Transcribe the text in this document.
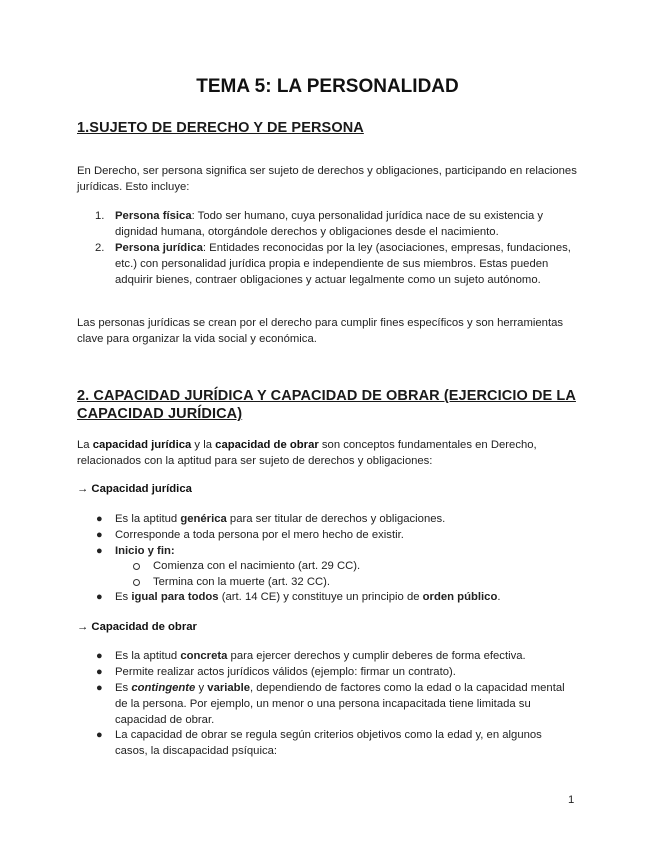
TEMA 5: LA PERSONALIDAD
1.SUJETO DE DERECHO Y DE PERSONA

En Derecho, ser persona significa ser sujeto de derechos y obligaciones, participando en relaciones jurídicas. Esto incluye:

1. Persona física: Todo ser humano, cuya personalidad jurídica nace de su existencia y dignidad humana, otorgándole derechos y obligaciones desde el nacimiento.
2. Persona jurídica: Entidades reconocidas por la ley (asociaciones, empresas, fundaciones, etc.) con personalidad jurídica propia e independiente de sus miembros. Estas pueden adquirir bienes, contraer obligaciones y actuar legalmente como un sujeto autónomo.

Las personas jurídicas se crean por el derecho para cumplir fines específicos y son herramientas clave para organizar la vida social y económica.

2. CAPACIDAD JURÍDICA Y CAPACIDAD DE OBRAR (EJERCICIO DE LA CAPACIDAD JURÍDICA)

La capacidad jurídica y la capacidad de obrar son conceptos fundamentales en Derecho, relacionados con la aptitud para ser sujeto de derechos y obligaciones:

→ Capacidad jurídica

● Es la aptitud genérica para ser titular de derechos y obligaciones.
● Corresponde a toda persona por el mero hecho de existir.
● Inicio y fin:
Comienza con el nacimiento (art. 29 CC).
Termina con la muerte (art. 32 CC).
● Es igual para todos (art. 14 CE) y constituye un principio de orden público.

→ Capacidad de obrar

● Es la aptitud concreta para ejercer derechos y cumplir deberes de forma efectiva.
● Permite realizar actos jurídicos válidos (ejemplo: firmar un contrato).
● Es contingente y variable, dependiendo de factores como la edad o la capacidad mental de la persona. Por ejemplo, un menor o una persona incapacitada tiene limitada su capacidad de obrar.
● La capacidad de obrar se regula según criterios objetivos como la edad y, en algunos casos, la discapacidad psíquica:
1
